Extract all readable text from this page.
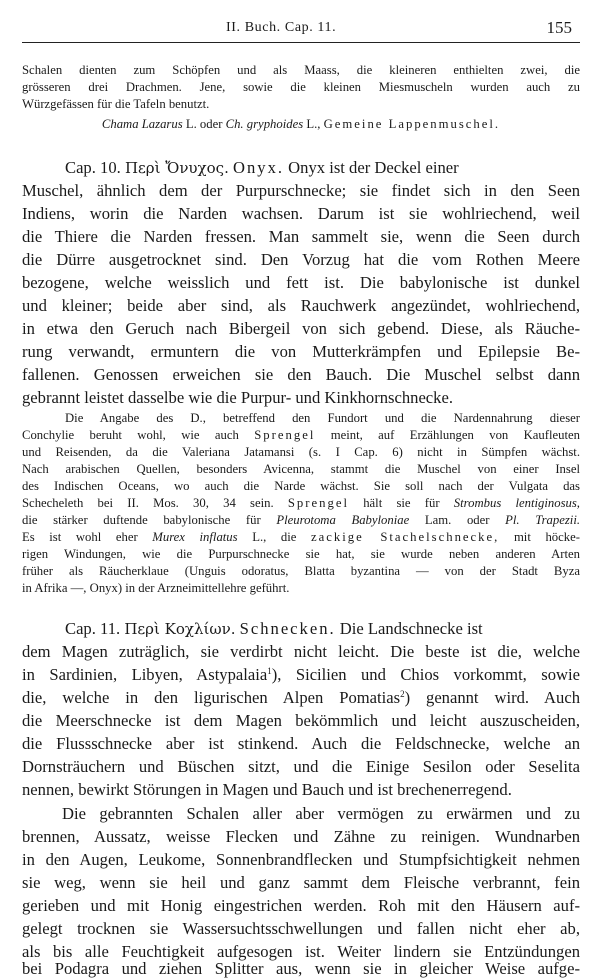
II. Buch. Cap. 11.	155
Schalen dienten zum Schöpfen und als Maass, die kleineren enthielten zwei, die
grösseren drei Drachmen. Jene, sowie die kleinen Miesmuscheln wurden auch zu
Würzgefässen für die Tafeln benutzt.
Chama Lazarus L. oder Ch. gryphoides L., Gemeine Lappenmuschel.
Cap. 10. Περὶ Ὄνυχος. Onyx. Onyx ist der Deckel einer
Muschel, ähnlich dem der Purpurschnecke; sie findet sich in den Seen
Indiens, worin die Narden wachsen. Darum ist sie wohlriechend, weil
die Thiere die Narden fressen. Man sammelt sie, wenn die Seen durch
die Dürre ausgetrocknet sind. Den Vorzug hat die vom Rothen Meere
bezogene, welche weisslich und fett ist. Die babylonische ist dunkel
und kleiner; beide aber sind, als Rauchwerk angezündet, wohlriechend,
in etwa den Geruch nach Bibergeil von sich gebend. Diese, als Räuche-
rung verwandt, ermuntern die von Mutterkrämpfen und Epilepsie Be-
fallenen. Genossen erweichen sie den Bauch. Die Muschel selbst dann
gebrannt leistet dasselbe wie die Purpur- und Kinkhornschnecke.
Die Angabe des D., betreffend den Fundort und die Nardennahrung dieser
Conchylie beruht wohl, wie auch Sprengel meint, auf Erzählungen von Kaufleuten
und Reisenden, da die Valeriana Jatamansi (s. I Cap. 6) nicht in Sümpfen wächst.
Nach arabischen Quellen, besonders Avicenna, stammt die Muschel von einer Insel
des Indischen Oceans, wo auch die Narde wächst. Sie soll nach der Vulgata das
Schecheleth bei II. Mos. 30, 34 sein. Sprengel hält sie für Strombus lentiginosus,
die stärker duftende babylonische für Pleurotoma Babyloniae Lam. oder Pl. Trapezii.
Es ist wohl eher Murex inflatus L., die zackige Stachelschnecke, mit höcke-
rigen Windungen, wie die Purpurschnecke sie hat, sie wurde neben anderen Arten
früher als Räucherklaue (Unguis odoratus, Blatta byzantina — von der Stadt Byza
in Afrika —, Onyx) in der Arzneimittellehre geführt.
Cap. 11. Περὶ Κοχλίων. Schnecken. Die Landschnecke ist
dem Magen zuträglich, sie verdirbt nicht leicht. Die beste ist die, welche
in Sardinien, Libyen, Astypalaia$^1$), Sicilien und Chios vorkommt, sowie
die, welche in den ligurischen Alpen Pomatias$^2$) genannt wird. Auch
die Meerschnecke ist dem Magen bekömmlich und leicht auszuscheiden,
die Flussschnecke aber ist stinkend. Auch die Feldschnecke, welche an
Dornsträuchern und Büschen sitzt, und die Einige Sesilon oder Seselita
nennen, bewirkt Störungen in Magen und Bauch und ist brechenerregend.
Die gebrannten Schalen aller aber vermögen zu erwärmen und zu
brennen, Aussatz, weisse Flecken und Zähne zu reinigen. Wundnarben
in den Augen, Leukome, Sonnenbrandflecken und Stumpfsichtigkeit nehmen
sie weg, wenn sie heil und ganz sammt dem Fleische verbrannt, fein
gerieben und mit Honig eingestrichen werden. Roh mit den Häusern auf-
gelegt trocknen sie Wassersuchtsschwellungen und fallen nicht eher ab,
als bis alle Feuchtigkeit aufgesogen ist. Weiter lindern sie Entzündungen
bei Podagra und ziehen Splitter aus, wenn sie in gleicher Weise aufge-
